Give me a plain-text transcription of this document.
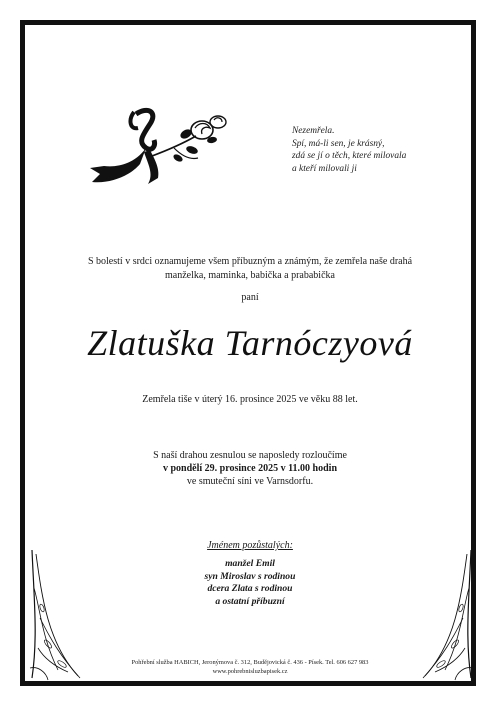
Nezemřela.
Spí, má-li sen, je krásný,
zdá se jí o těch, které milovala
a kteří milovali ji
S bolestí v srdci oznamujeme všem příbuzným a známým, že zemřela naše drahá
manželka, maminka, babička a prababička
paní
Zlatuška Tarnóczyová
Zemřela tiše v úterý 16. prosince 2025 ve věku 88 let.
S naší drahou zesnulou se naposledy rozloučíme
v pondělí 29. prosince 2025 v 11.00 hodin
ve smuteční síni ve Varnsdorfu.
Jménem pozůstalých:
manžel Emil
syn Miroslav s rodinou
dcera Zlata s rodinou
a ostatní příbuzní
Pohřební služba HABICH, Jeronýmova č. 312, Budějovická č. 436 - Písek. Tel. 606 627 983
www.pohrebnisluzbapisek.cz
